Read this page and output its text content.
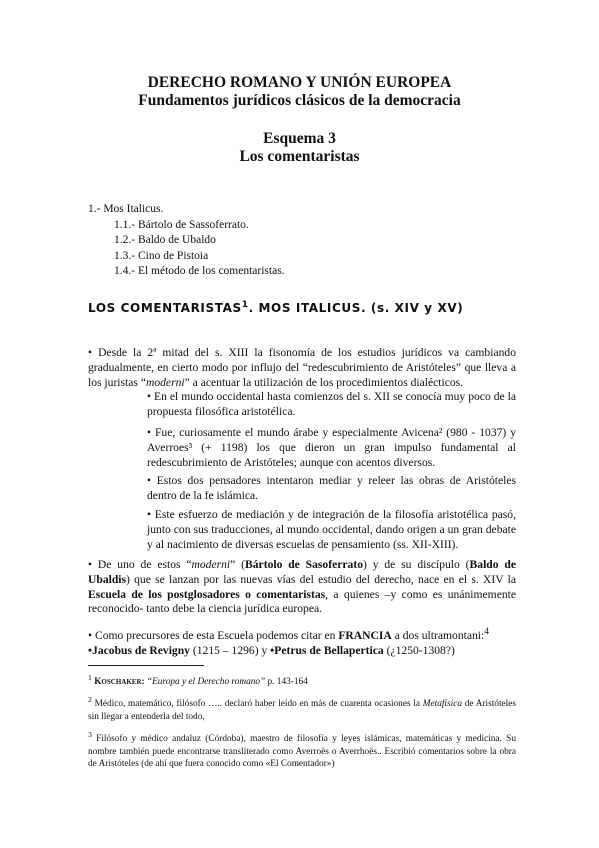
DERECHO ROMANO Y UNIÓN EUROPEA
Fundamentos jurídicos clásicos de la democracia
Esquema 3
Los comentaristas
1.- Mos Italicus.
1.1.- Bártolo de Sassoferrato.
1.2.- Baldo de Ubaldo
1.3.- Cino de Pistoia
1.4.- El método de los comentaristas.
LOS COMENTARISTAS$^1$. MOS ITALICUS. (s. XIV y XV)
• Desde la 2ª mitad del s. XIII la fisonomía de los estudios jurídicos va cambiando gradualmente, en cierto modo por influjo del “redescubrimiento de Aristóteles” que lleva a los juristas “moderni” a acentuar la utilización de los procedimientos dialécticos.
• En el mundo occidental hasta comienzos del s. XII se conocía muy poco de la propuesta filosófica aristotélica.
• Fue, curiosamente el mundo árabe y especialmente Avicena² (980 - 1037) y Averroes³ (+ 1198) los que dieron un gran impulso fundamental al redescubrimiento de Aristóteles; aunque con acentos diversos.
• Estos dos pensadores intentaron mediar y releer las obras de Aristóteles dentro de la fe islámica.
• Este esfuerzo de mediación y de integración de la filosofía aristotélica pasó, junto con sus traducciones, al mundo occidental, dando origen a un gran debate y al nacimiento de diversas escuelas de pensamiento (ss. XII-XIII).
• De uno de estos “moderni” (Bártolo de Sasoferrato) y de su discípulo (Baldo de Ubaldis) que se lanzan por las nuevas vías del estudio del derecho, nace en el s. XIV la Escuela de los postglosadores o comentaristas, a quienes –y como es unánimemente reconocido- tanto debe la ciencia jurídica europea.
• Como precursores de esta Escuela podemos citar en FRANCIA a dos ultramontani:$^4$
•Jacobus de Revigny (1215 – 1296) y •Petrus de Bellapertica (¿1250-1308?)
$^1$ Koschaker: “Europa y el Derecho romano” p. 143-164
$^2$ Médico, matemático, filósofo ….. declaró haber leído en más de cuarenta ocasiones la Metafísica de Aristóteles sin llegar a entenderla del todo,
$^3$ Filósofo y médico andaluz (Córdoba), maestro de filosofía y leyes islámicas, matemáticas y medicina. Su nombre también puede encontrarse transliterado como Averroës o Averrhoës.. Escribió comentarios sobre la obra de Aristóteles (de ahí que fuera conocido como «El Comentador»)
